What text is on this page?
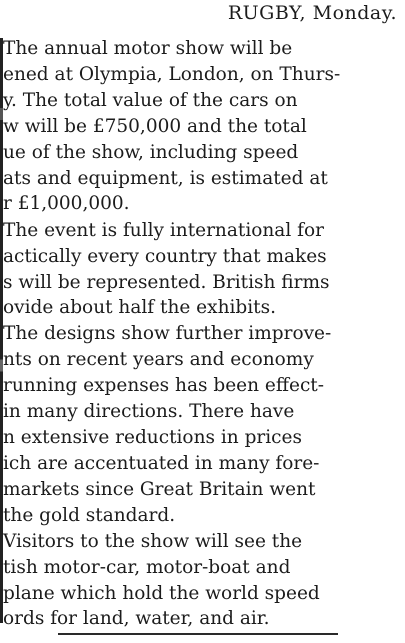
RUGBY, Monday.
The annual motor show will be
ened at Olympia, London, on Thurs-
y. The total value of the cars on
w will be £750,000 and the total
ue of the show, including speed
ats and equipment, is estimated at
r £1,000,000.
The event is fully international for
actically every country that makes
s will be represented. British firms
ovide about half the exhibits.
The designs show further improve-
nts on recent years and economy
running expenses has been effect-
in many directions. There have
n extensive reductions in prices
ich are accentuated in many fore-
markets since Great Britain went
the gold standard.
Visitors to the show will see the
tish motor-car, motor-boat and
plane which hold the world speed
ords for land, water, and air.
